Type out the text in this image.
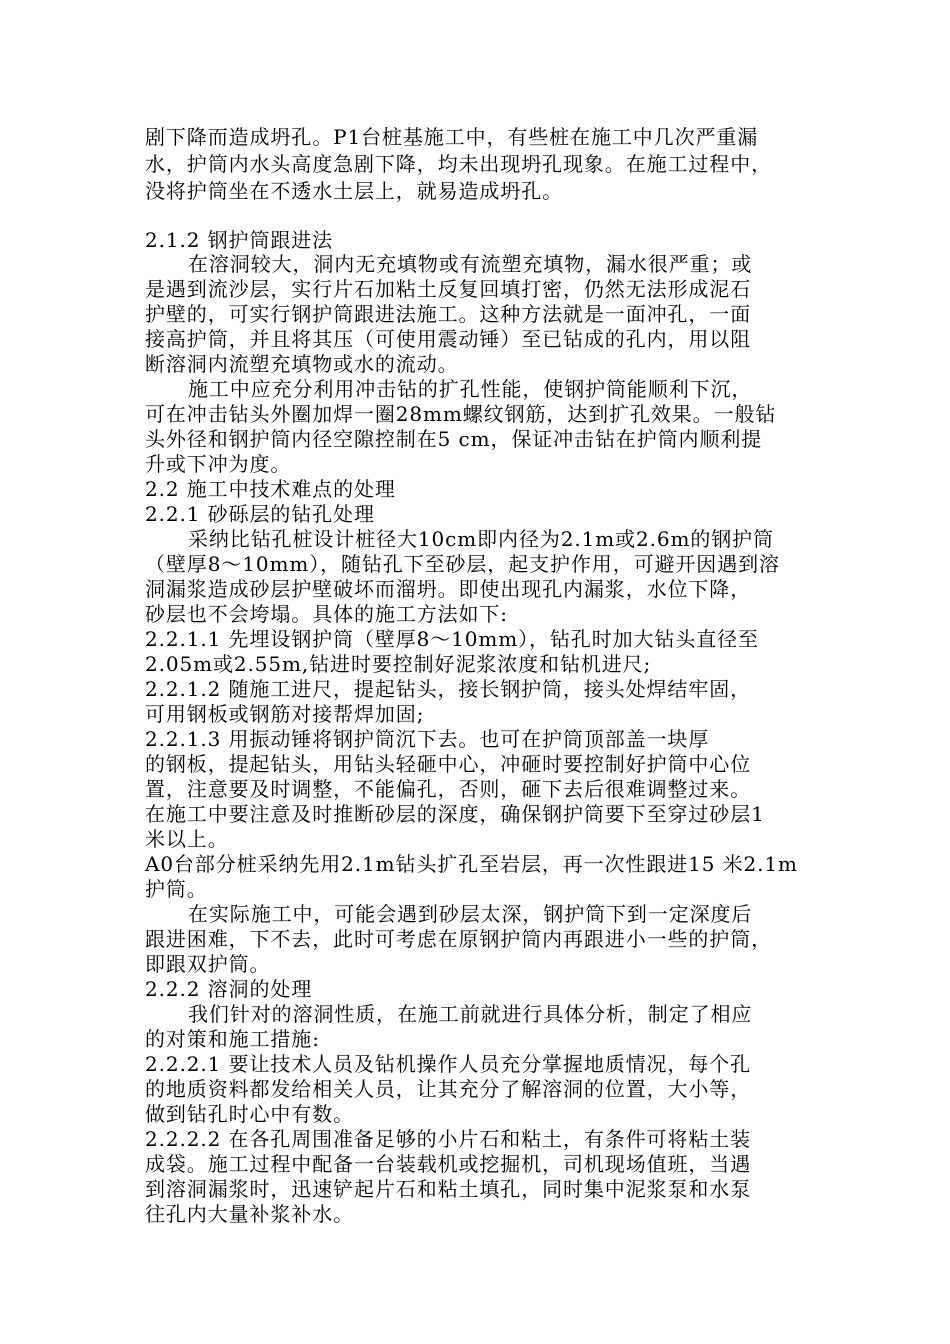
剧下降而造成坍孔。P1台桩基施工中，有些桩在施工中几次严重漏
水，护筒内水头高度急剧下降，均未出现坍孔现象。在施工过程中，
没将护筒坐在不透水土层上，就易造成坍孔。
2.1.2 钢护筒跟进法
在溶洞较大，洞内无充填物或有流塑充填物，漏水很严重；或
是遇到流沙层，实行片石加粘土反复回填打密，仍然无法形成泥石
护壁的，可实行钢护筒跟进法施工。这种方法就是一面冲孔，一面
接高护筒，并且将其压（可使用震动锤）至已钻成的孔内，用以阻
断溶洞内流塑充填物或水的流动。
施工中应充分利用冲击钻的扩孔性能，使钢护筒能顺利下沉，
可在冲击钻头外圈加焊一圈28mm螺纹钢筋，达到扩孔效果。一般钻
头外径和钢护筒内径空隙控制在5 cm，保证冲击钻在护筒内顺利提
升或下冲为度。
2.2 施工中技术难点的处理
2.2.1 砂砾层的钻孔处理
采纳比钻孔桩设计桩径大10cm即内径为2.1m或2.6m的钢护筒
（壁厚8～10mm），随钻孔下至砂层，起支护作用，可避开因遇到溶
洞漏浆造成砂层护壁破坏而溜坍。即使出现孔内漏浆，水位下降，
砂层也不会垮塌。具体的施工方法如下:
2.2.1.1 先埋设钢护筒（壁厚8～10mm），钻孔时加大钻头直径至
2.05m或2.55m,钻进时要控制好泥浆浓度和钻机进尺;
2.2.1.2 随施工进尺，提起钻头，接长钢护筒，接头处焊结牢固，
可用钢板或钢筋对接帮焊加固;
2.2.1.3 用振动锤将钢护筒沉下去。也可在护筒顶部盖一块厚
的钢板，提起钻头，用钻头轻砸中心，冲砸时要控制好护筒中心位
置，注意要及时调整，不能偏孔，否则，砸下去后很难调整过来。
在施工中要注意及时推断砂层的深度，确保钢护筒要下至穿过砂层1
米以上。
A0台部分桩采纳先用2.1m钻头扩孔至岩层，再一次性跟进15 米2.1m
护筒。
在实际施工中，可能会遇到砂层太深，钢护筒下到一定深度后
跟进困难，下不去，此时可考虑在原钢护筒内再跟进小一些的护筒，
即跟双护筒。
2.2.2 溶洞的处理
我们针对的溶洞性质，在施工前就进行具体分析，制定了相应
的对策和施工措施:
2.2.2.1 要让技术人员及钻机操作人员充分掌握地质情况，每个孔
的地质资料都发给相关人员，让其充分了解溶洞的位置，大小等，
做到钻孔时心中有数。
2.2.2.2 在各孔周围准备足够的小片石和粘土，有条件可将粘土装
成袋。施工过程中配备一台装载机或挖掘机，司机现场值班，当遇
到溶洞漏浆时，迅速铲起片石和粘土填孔，同时集中泥浆泵和水泵
往孔内大量补浆补水。
